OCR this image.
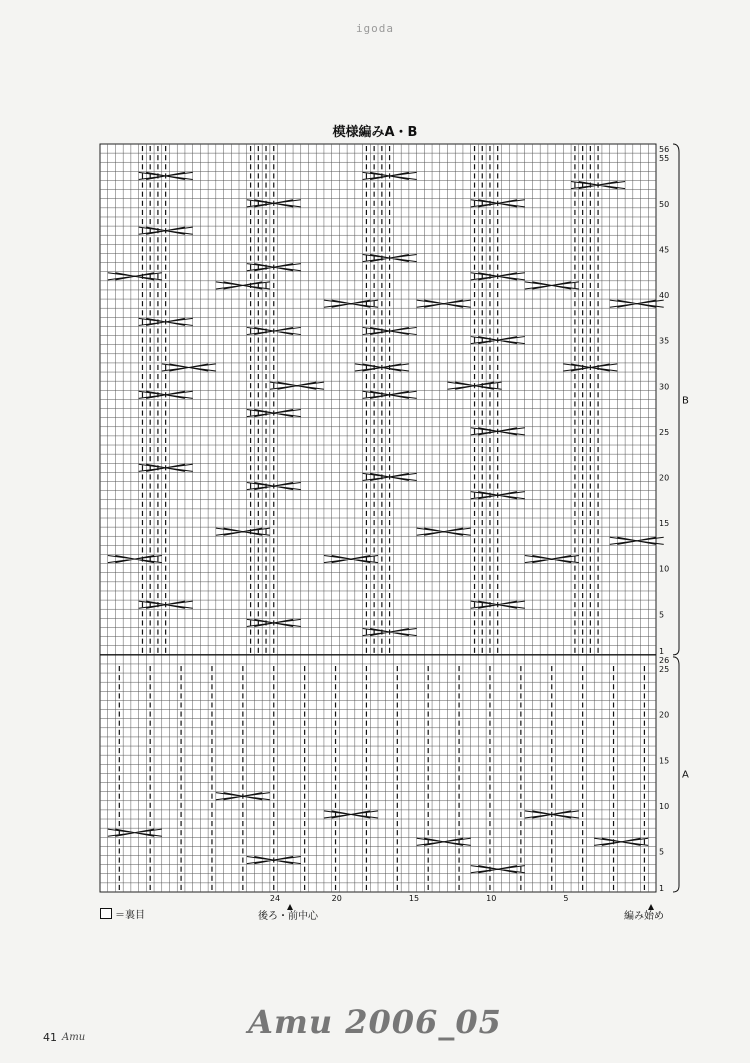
igoda
模様編みA・B
56
55
50
45
40
35
30
25
20
15
10
5
1
26
25
20
15
10
5
1
24	20	15	10	5
B
A
＝裏目	後ろ・前中心	編み始め
Amu 2006_05
41 Amu
